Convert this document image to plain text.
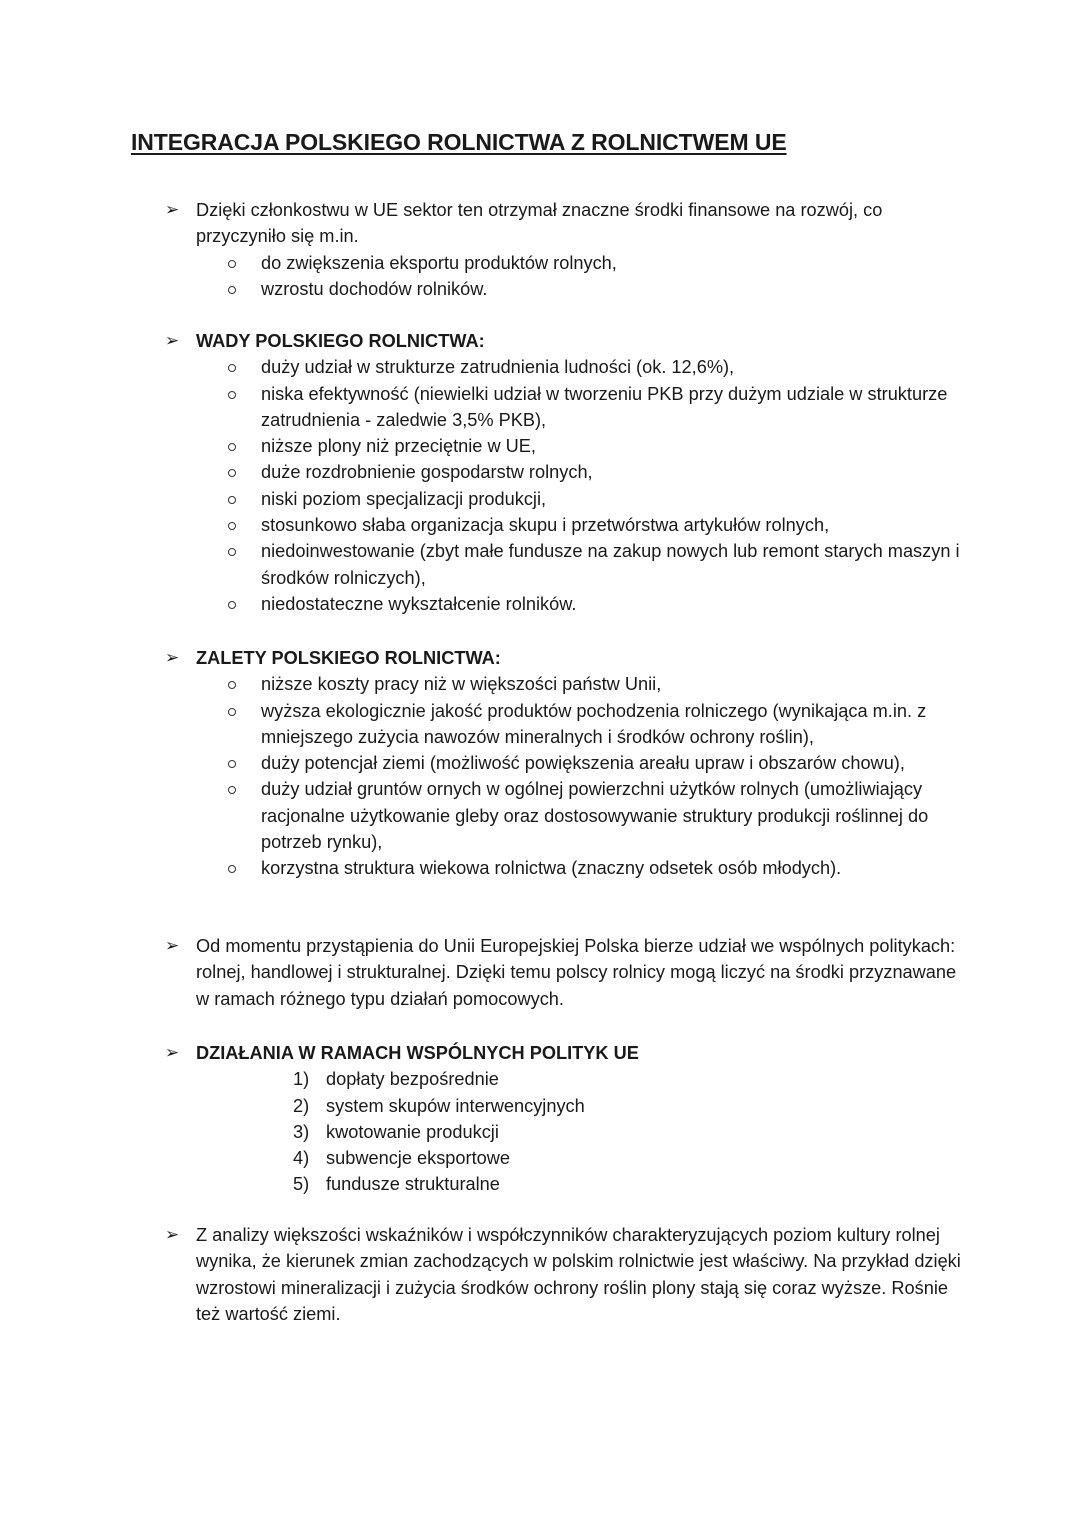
INTEGRACJA POLSKIEGO ROLNICTWA Z ROLNICTWEM UE
➢ Dzięki członkostwu w UE sektor ten otrzymał znaczne środki finansowe na rozwój, co przyczyniło się m.in.
do zwiększenia eksportu produktów rolnych,
wzrostu dochodów rolników.
➢ WADY POLSKIEGO ROLNICTWA:
duży udział w strukturze zatrudnienia ludności (ok. 12,6%),
niska efektywność (niewielki udział w tworzeniu PKB przy dużym udziale w strukturze zatrudnienia - zaledwie 3,5% PKB),
niższe plony niż przeciętnie w UE,
duże rozdrobnienie gospodarstw rolnych,
niski poziom specjalizacji produkcji,
stosunkowo słaba organizacja skupu i przetwórstwa artykułów rolnych,
niedoinwestowanie (zbyt małe fundusze na zakup nowych lub remont starych maszyn i środków rolniczych),
niedostateczne wykształcenie rolników.
➢ ZALETY POLSKIEGO ROLNICTWA:
niższe koszty pracy niż w większości państw Unii,
wyższa ekologicznie jakość produktów pochodzenia rolniczego (wynikająca m.in. z mniejszego zużycia nawozów mineralnych i środków ochrony roślin),
duży potencjał ziemi (możliwość powiększenia areału upraw i obszarów chowu),
duży udział gruntów ornych w ogólnej powierzchni użytków rolnych (umożliwiający racjonalne użytkowanie gleby oraz dostosowywanie struktury produkcji roślinnej do potrzeb rynku),
korzystna struktura wiekowa rolnictwa (znaczny odsetek osób młodych).
➢ Od momentu przystąpienia do Unii Europejskiej Polska bierze udział we wspólnych politykach: rolnej, handlowej i strukturalnej. Dzięki temu polscy rolnicy mogą liczyć na środki przyznawane w ramach różnego typu działań pomocowych.
➢ DZIAŁANIA W RAMACH WSPÓLNYCH POLITYK UE
1) dopłaty bezpośrednie
2) system skupów interwencyjnych
3) kwotowanie produkcji
4) subwencje eksportowe
5) fundusze strukturalne
➢ Z analizy większości wskaźników i współczynników charakteryzujących poziom kultury rolnej wynika, że kierunek zmian zachodzących w polskim rolnictwie jest właściwy. Na przykład dzięki wzrostowi mineralizacji i zużycia środków ochrony roślin plony stają się coraz wyższe. Rośnie też wartość ziemi.
